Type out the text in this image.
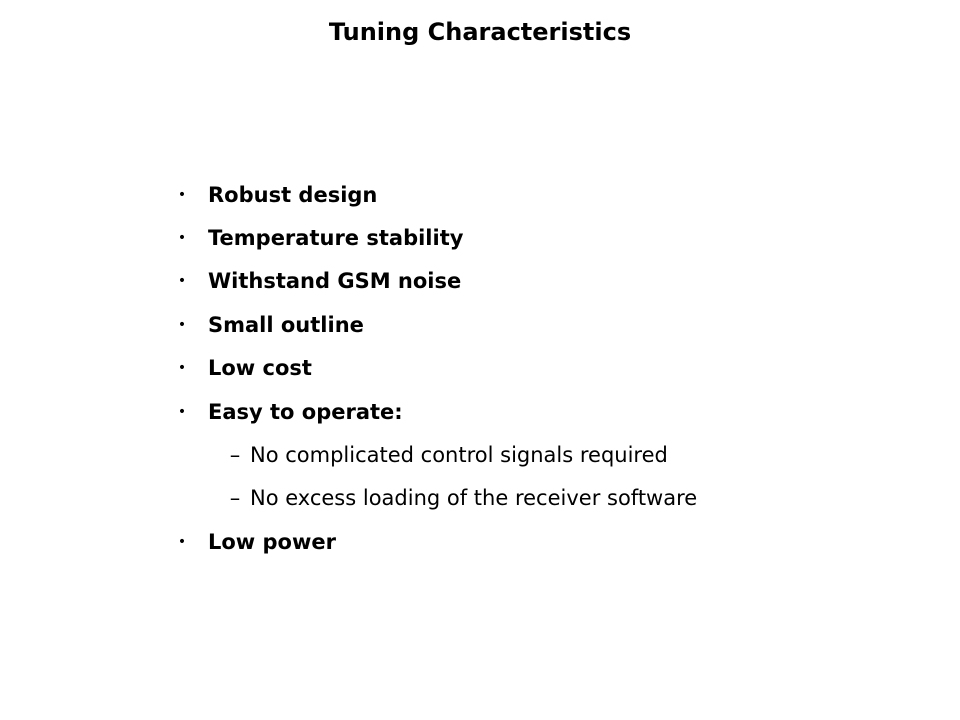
Tuning Characteristics
• Robust design
• Temperature stability
• Withstand GSM noise
• Small outline
• Low cost
• Easy to operate:
– No complicated control signals required
– No excess loading of the receiver software
• Low power
